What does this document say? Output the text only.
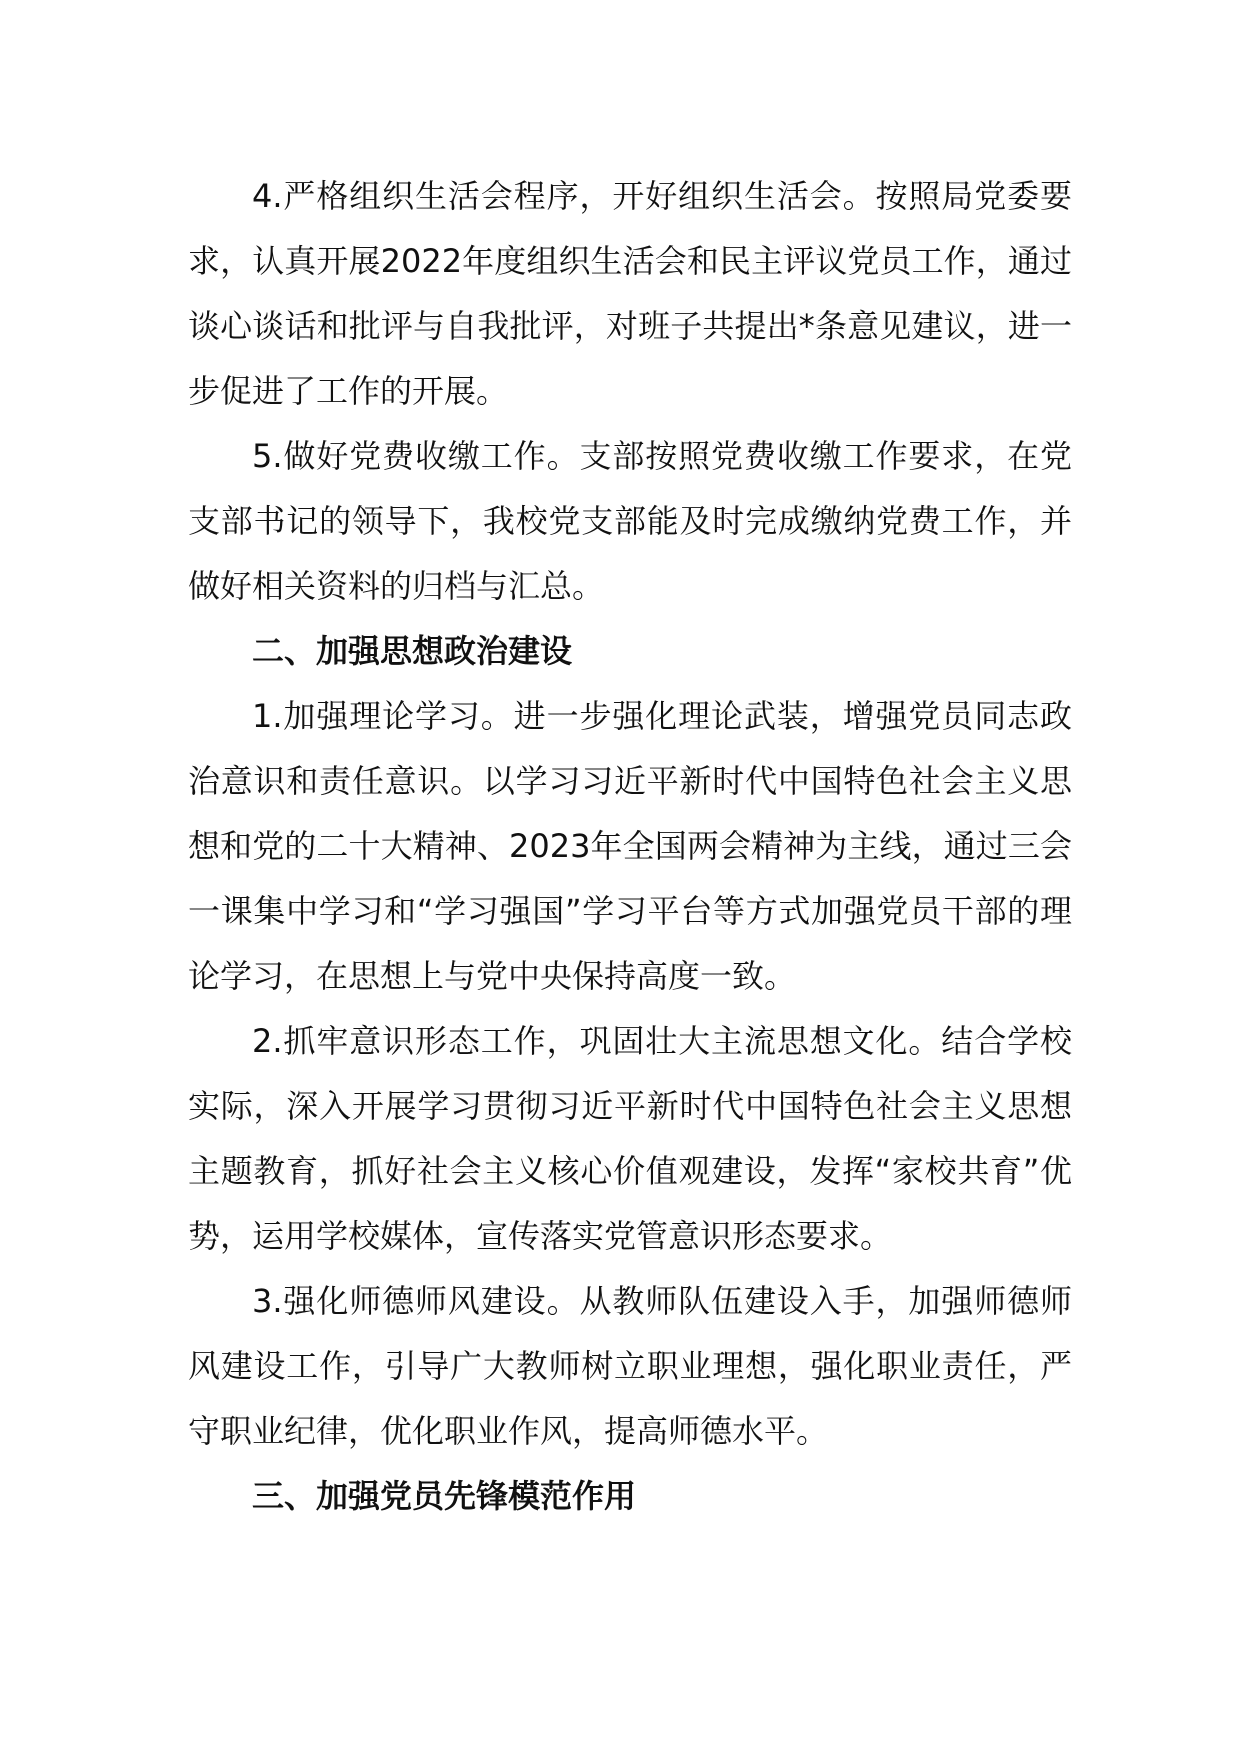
4.严格组织生活会程序，开好组织生活会。按照局党委要求，认真开展2022年度组织生活会和民主评议党员工作，通过谈心谈话和批评与自我批评，对班子共提出*条意见建议，进一步促进了工作的开展。

5.做好党费收缴工作。支部按照党费收缴工作要求，在党支部书记的领导下，我校党支部能及时完成缴纳党费工作，并做好相关资料的归档与汇总。

二、加强思想政治建设

1.加强理论学习。进一步强化理论武装，增强党员同志政治意识和责任意识。以学习习近平新时代中国特色社会主义思想和党的二十大精神、2023年全国两会精神为主线，通过三会一课集中学习和“学习强国”学习平台等方式加强党员干部的理论学习，在思想上与党中央保持高度一致。

2.抓牢意识形态工作，巩固壮大主流思想文化。结合学校实际，深入开展学习贯彻习近平新时代中国特色社会主义思想主题教育，抓好社会主义核心价值观建设，发挥“家校共育”优势，运用学校媒体，宣传落实党管意识形态要求。

3.强化师德师风建设。从教师队伍建设入手，加强师德师风建设工作，引导广大教师树立职业理想，强化职业责任，严守职业纪律，优化职业作风，提高师德水平。

三、加强党员先锋模范作用
